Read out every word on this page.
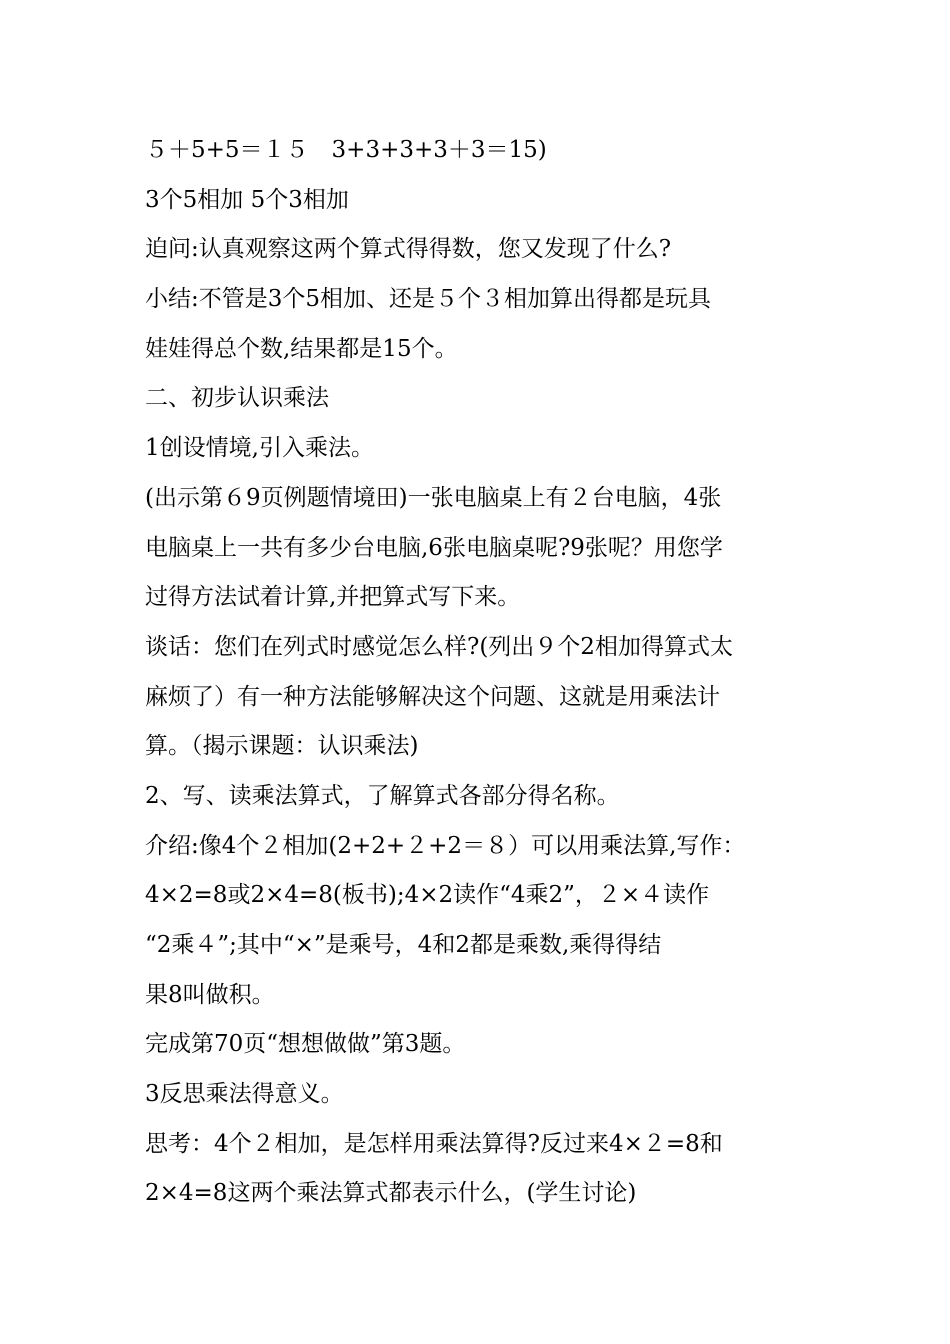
５＋5+5＝１５　3+3+3+3＋3＝15)
3个5相加 5个3相加
迫问:认真观察这两个算式得得数，您又发现了什么?
小结:不管是3个5相加、还是５个３相加算出得都是玩具
娃娃得总个数,结果都是15个。
二、初步认识乘法
1创设情境,引入乘法。
(出示第６9页例题情境田)一张电脑桌上有２台电脑，4张
电脑桌上一共有多少台电脑,6张电脑桌呢?9张呢？用您学
过得方法试着计算,并把算式写下来。
谈话：您们在列式时感觉怎么样?(列出９个2相加得算式太
麻烦了）有一种方法能够解决这个问题、这就是用乘法计
算。（揭示课题：认识乘法)
2、写、读乘法算式，了解算式各部分得名称。
介绍:像4个２相加(2+2+２+2＝８）可以用乘法算,写作：
4×2=8或2×4=8(板书);4×2读作“4乘2”，２×４读作
“2乘４”;其中“×”是乘号，4和2都是乘数,乘得得结
果8叫做积。
完成第70页“想想做做”第3题。
3反思乘法得意义。
思考：4个２相加，是怎样用乘法算得?反过来4×２=8和
2×4=8这两个乘法算式都表示什么，(学生讨论)
